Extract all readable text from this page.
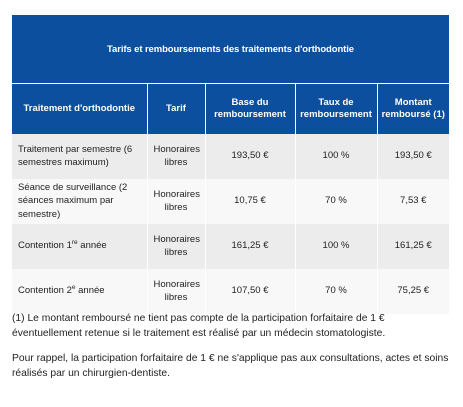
Tarifs et remboursements des traitements d'orthodontie
Traitement d'orthodontie	Tarif	Base du remboursement	Taux de remboursement	Montant remboursé (1)
Traitement par semestre (6 semestres maximum)	Honoraires libres	193,50 €	100 %	193,50 €
Séance de surveillance (2 séances maximum par semestre)	Honoraires libres	10,75 €	70 %	7,53 €
Contention 1re année	Honoraires libres	161,25 €	100 %	161,25 €
Contention 2e année	Honoraires libres	107,50 €	70 %	75,25 €

(1) Le montant remboursé ne tient pas compte de la participation forfaitaire de 1 € éventuellement retenue si le traitement est réalisé par un médecin stomatologiste.

Pour rappel, la participation forfaitaire de 1 € ne s'applique pas aux consultations, actes et soins réalisés par un chirurgien-dentiste.
